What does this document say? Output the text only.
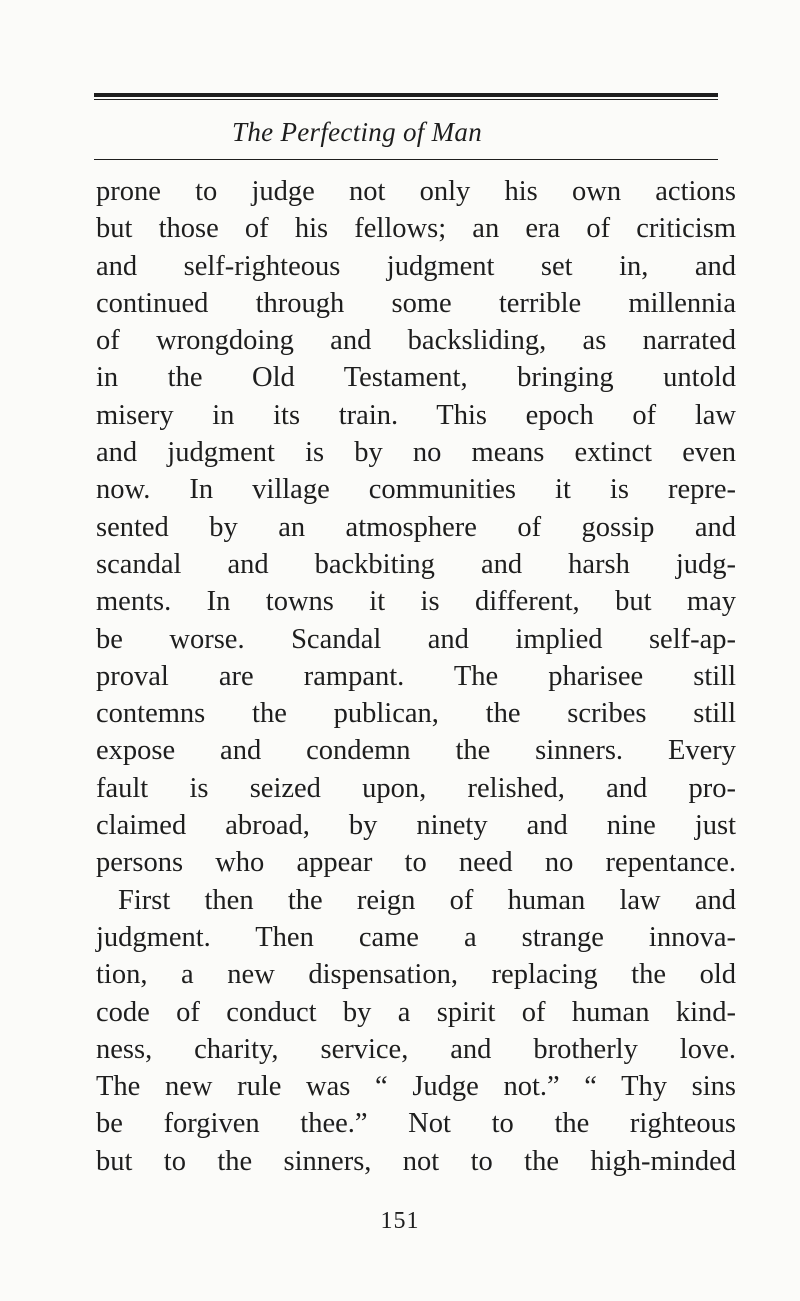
The Perfecting of Man
prone to judge not only his own actions
but those of his fellows; an era of criticism
and self-righteous judgment set in, and
continued through some terrible millennia
of wrongdoing and backsliding, as narrated
in the Old Testament, bringing untold
misery in its train. This epoch of law
and judgment is by no means extinct even
now. In village communities it is repre-
sented by an atmosphere of gossip and
scandal and backbiting and harsh judg-
ments. In towns it is different, but may
be worse. Scandal and implied self-ap-
proval are rampant. The pharisee still
contemns the publican, the scribes still
expose and condemn the sinners. Every
fault is seized upon, relished, and pro-
claimed abroad, by ninety and nine just
persons who appear to need no repentance.
First then the reign of human law and
judgment. Then came a strange innova-
tion, a new dispensation, replacing the old
code of conduct by a spirit of human kind-
ness, charity, service, and brotherly love.
The new rule was “ Judge not.” “ Thy sins
be forgiven thee.” Not to the righteous
but to the sinners, not to the high-minded
151
